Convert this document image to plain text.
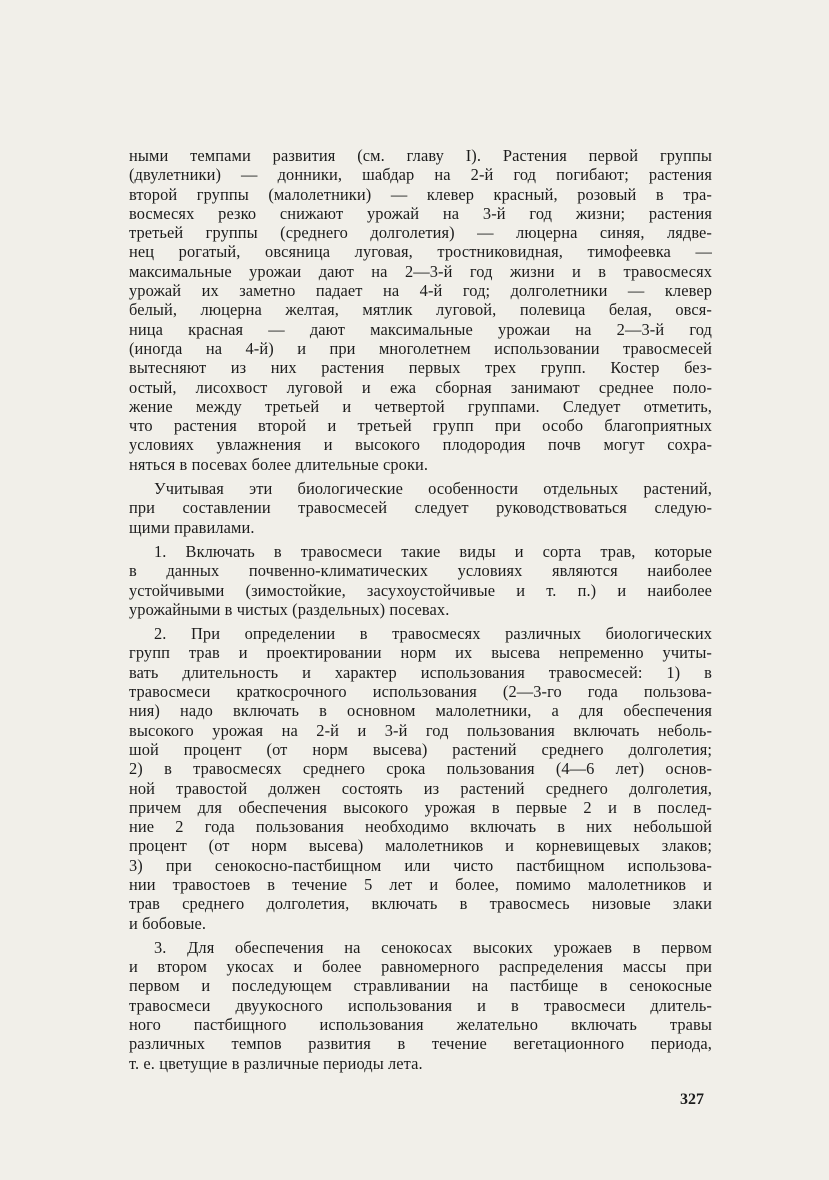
ными темпами развития (см. главу I). Растения первой группы
(двулетники) — донники, шабдар на 2-й год погибают; растения
второй группы (малолетники) — клевер красный, розовый в тра-
восмесях резко снижают урожай на 3-й год жизни; растения
третьей группы (среднего долголетия) — люцерна синяя, лядве-
нец рогатый, овсяница луговая, тростниковидная, тимофеевка —
максимальные урожаи дают на 2—3-й год жизни и в травосмесях
урожай их заметно падает на 4-й год; долголетники — клевер
белый, люцерна желтая, мятлик луговой, полевица белая, овся-
ница красная — дают максимальные урожаи на 2—3-й год
(иногда на 4-й) и при многолетнем использовании травосмесей
вытесняют из них растения первых трех групп. Костер без-
остый, лисохвост луговой и ежа сборная занимают среднее поло-
жение между третьей и четвертой группами. Следует отметить,
что растения второй и третьей групп при особо благоприятных
условиях увлажнения и высокого плодородия почв могут сохра-
няться в посевах более длительные сроки.

Учитывая эти биологические особенности отдельных растений,
при составлении травосмесей следует руководствоваться следую-
щими правилами.

1. Включать в травосмеси такие виды и сорта трав, которые
в данных почвенно-климатических условиях являются наиболее
устойчивыми (зимостойкие, засухоустойчивые и т. п.) и наиболее
урожайными в чистых (раздельных) посевах.

2. При определении в травосмесях различных биологических
групп трав и проектировании норм их высева непременно учиты-
вать длительность и характер использования травосмесей: 1) в
травосмеси краткосрочного использования (2—3-го года пользова-
ния) надо включать в основном малолетники, а для обеспечения
высокого урожая на 2-й и 3-й год пользования включать неболь-
шой процент (от норм высева) растений среднего долголетия;
2) в травосмесях среднего срока пользования (4—6 лет) основ-
ной травостой должен состоять из растений среднего долголетия,
причем для обеспечения высокого урожая в первые 2 и в послед-
ние 2 года пользования необходимо включать в них небольшой
процент (от норм высева) малолетников и корневищевых злаков;
3) при сенокосно-пастбищном или чисто пастбищном использова-
нии травостоев в течение 5 лет и более, помимо малолетников и
трав среднего долголетия, включать в травосмесь низовые злаки
и бобовые.

3. Для обеспечения на сенокосах высоких урожаев в первом
и втором укосах и более равномерного распределения массы при
первом и последующем стравливании на пастбище в сенокосные
травосмеси двуукосного использования и в травосмеси длитель-
ного пастбищного использования желательно включать травы
различных темпов развития в течение вегетационного периода,
т. е. цветущие в различные периоды лета.

327
